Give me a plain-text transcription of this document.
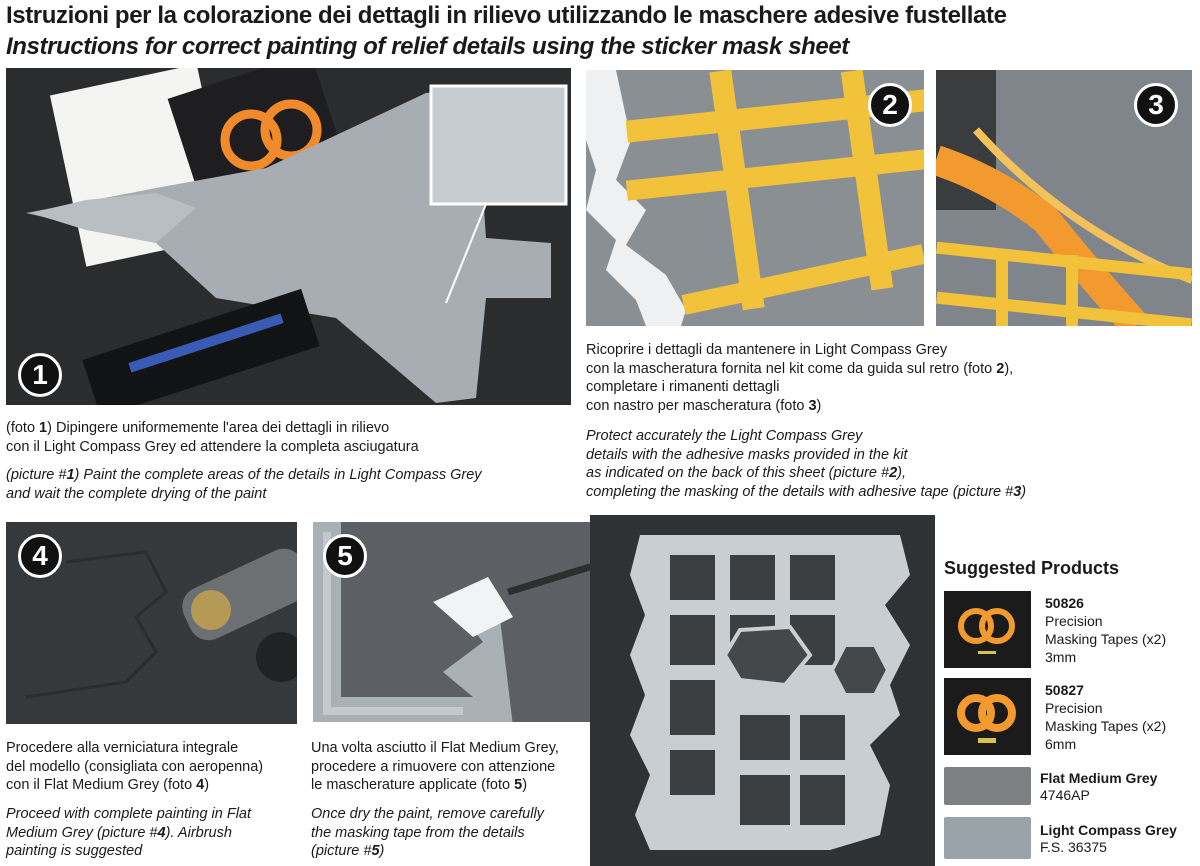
Istruzioni per la colorazione dei dettagli in rilievo utilizzando le maschere adesive fustellate
Instructions for correct painting of relief details using the sticker mask sheet
1
2	3
(foto 1) Dipingere uniformemente l'area dei dettagli in rilievo
con il Light Compass Grey ed attendere la completa asciugatura
(picture #1) Paint the complete areas of the details in Light Compass Grey
and wait the complete drying of the paint
Ricoprire i dettagli da mantenere in Light Compass Grey
con la mascheratura fornita nel kit come da guida sul retro (foto 2),
completare i rimanenti dettagli
con nastro per mascheratura (foto 3)
Protect accurately the Light Compass Grey
details with the adhesive masks provided in the kit
as indicated on the back of this sheet (picture #2),
completing the masking of the details with adhesive tape (picture #3)
4	5
Procedere alla verniciatura integrale
del modello (consigliata con aeropenna)
con il Flat Medium Grey (foto 4)
Proceed with complete painting in Flat
Medium Grey (picture #4). Airbrush
painting is suggested
Una volta asciutto il Flat Medium Grey,
procedere a rimuovere con attenzione
le mascherature applicate (foto 5)
Once dry the paint, remove carefully
the masking tape from the details
(picture #5)
Suggested Products
50826
Precision
Masking Tapes (x2)
3mm
50827
Precision
Masking Tapes (x2)
6mm
Flat Medium Grey
4746AP
Light Compass Grey
F.S. 36375
